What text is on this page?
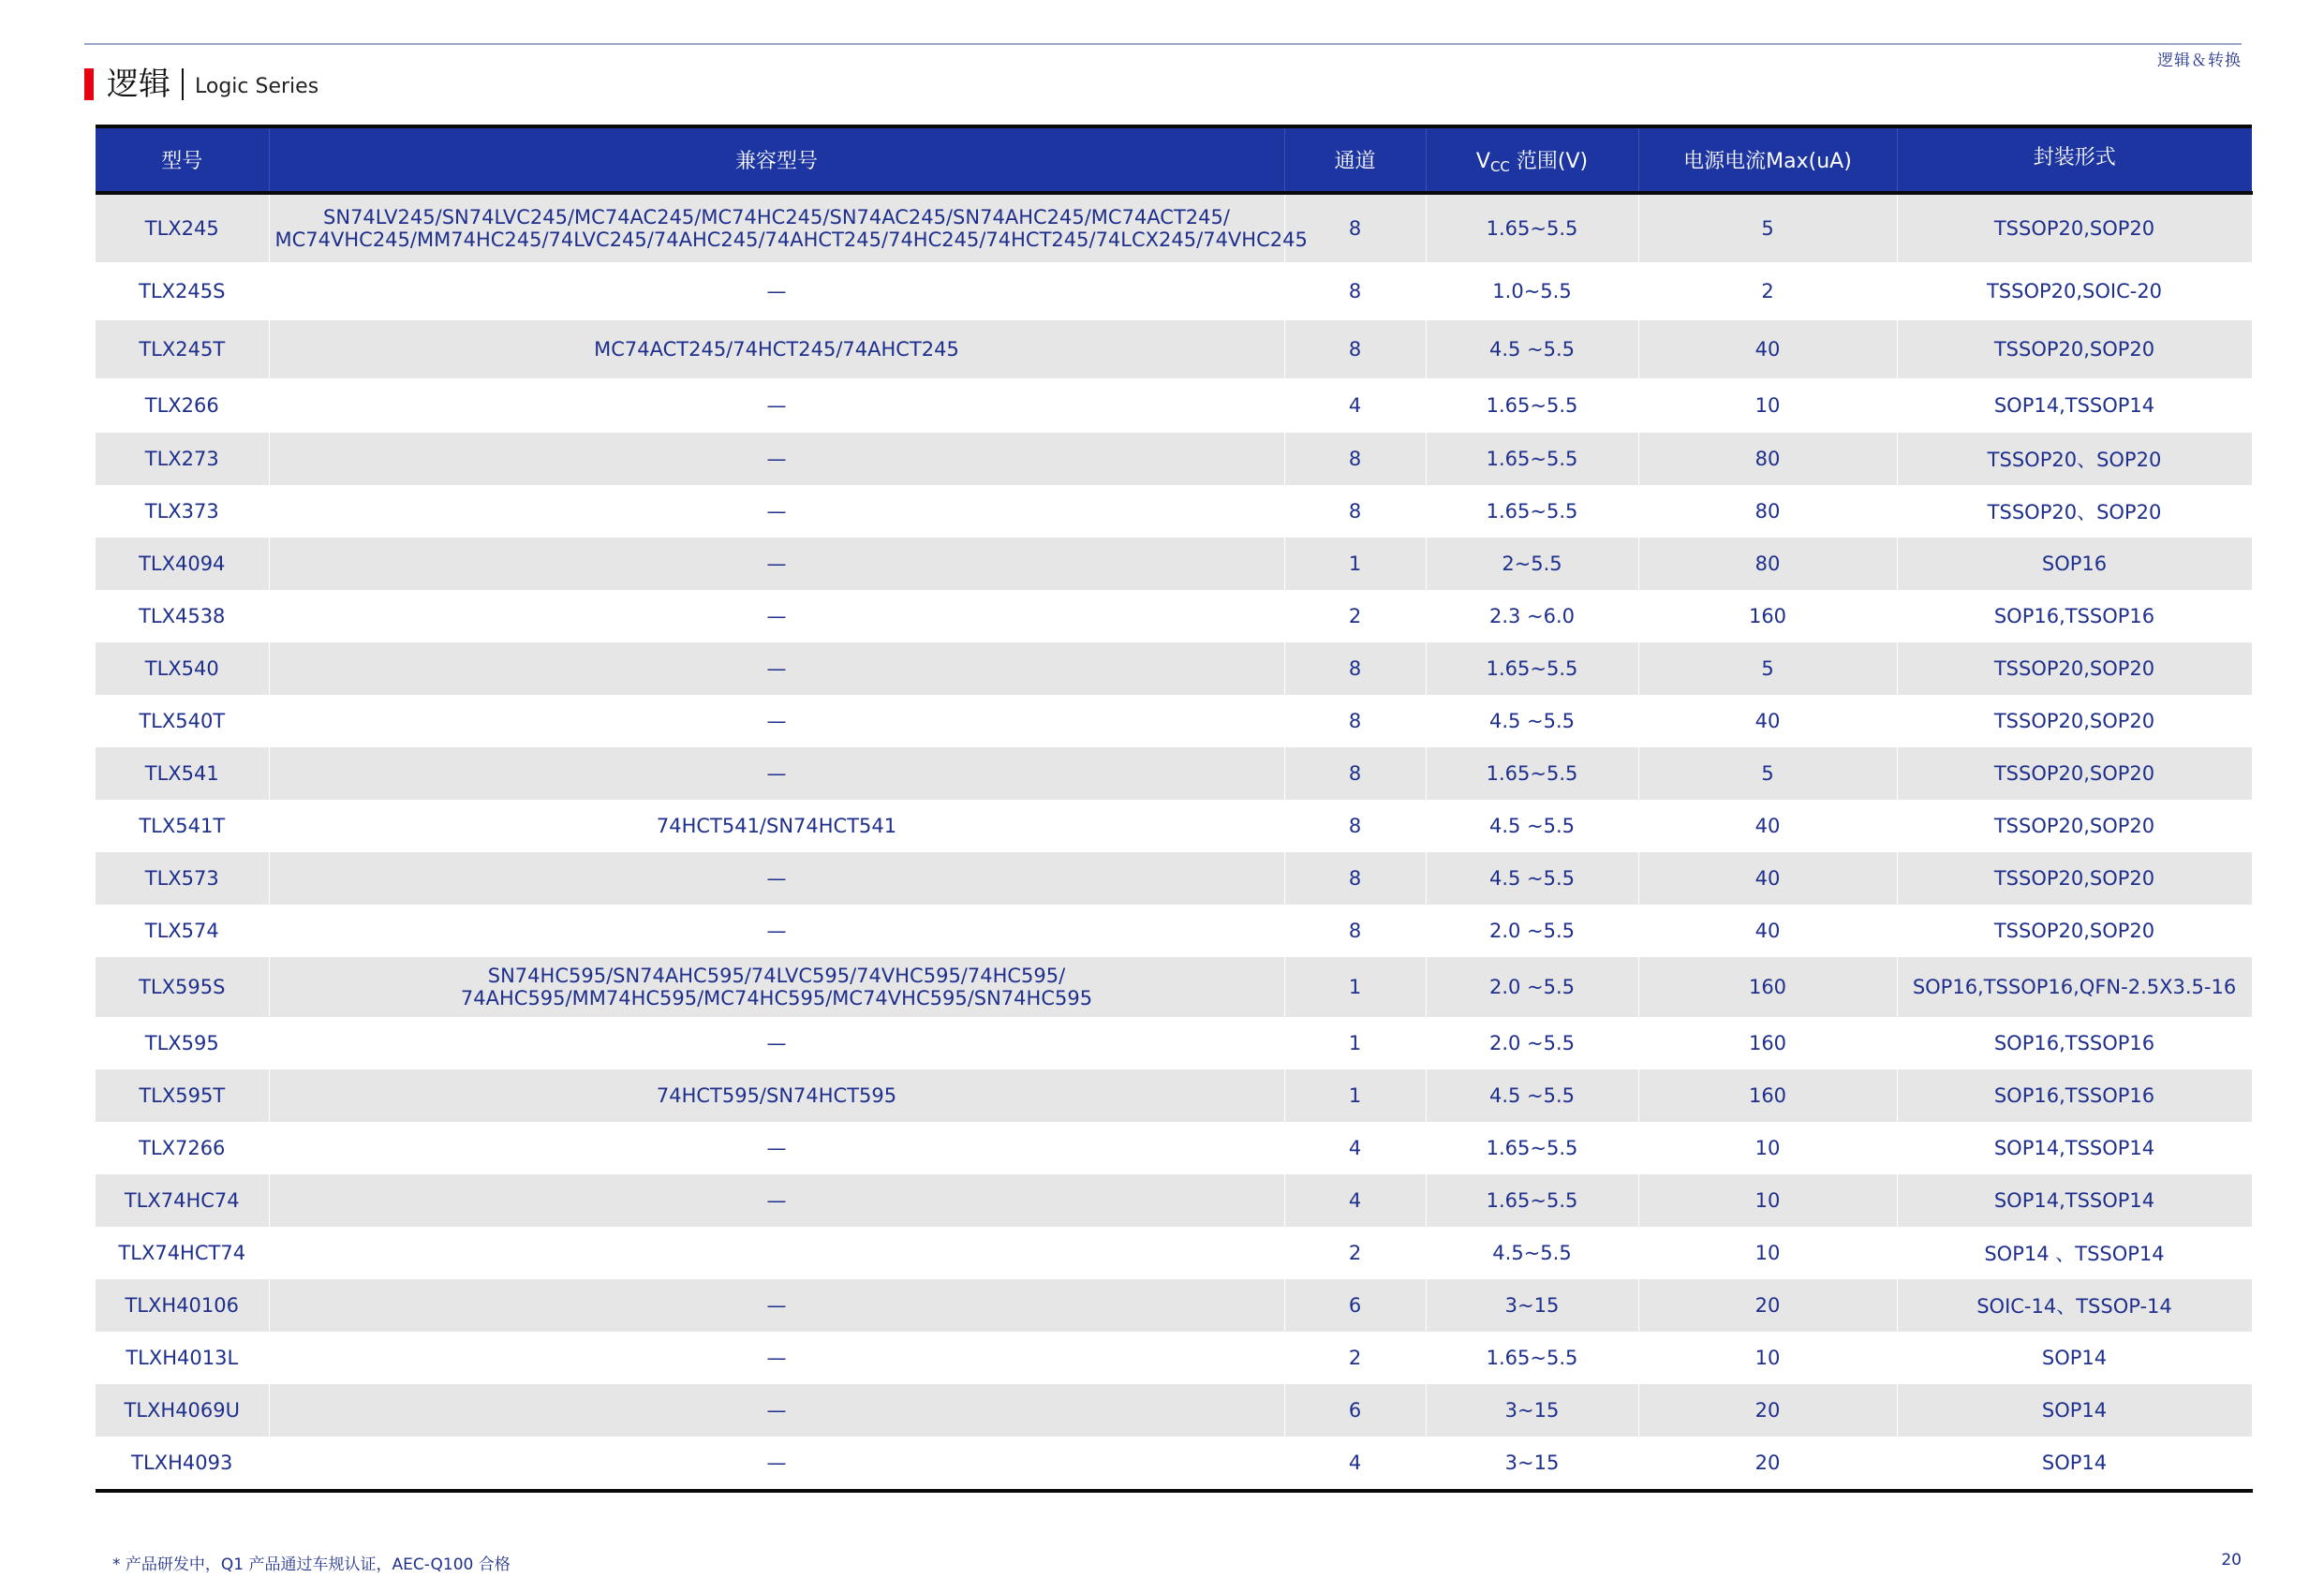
逻辑＆转换
逻辑 Logic Series
型号	兼容型号	通道	$V_{CC}$ 范围(V)	电源电流Max(uA)	封装形式
TLX245	SN74LV245/SN74LVC245/MC74AC245/MC74HC245/SN74AC245/SN74AHC245/MC74ACT245/
MC74VHC245/MM74HC245/74LVC245/74AHC245/74AHCT245/74HC245/74HCT245/74LCX245/74VHC245	8	1.65~5.5	5	TSSOP20,SOP20
TLX245S	—	8	1.0~5.5	2	TSSOP20,SOIC-20
TLX245T	MC74ACT245/74HCT245/74AHCT245	8	4.5 ~5.5	40	TSSOP20,SOP20
TLX266	—	4	1.65~5.5	10	SOP14,TSSOP14
TLX273	—	8	1.65~5.5	80	TSSOP20、SOP20
TLX373	—	8	1.65~5.5	80	TSSOP20、SOP20
TLX4094	—	1	2~5.5	80	SOP16
TLX4538	—	2	2.3 ~6.0	160	SOP16,TSSOP16
TLX540	—	8	1.65~5.5	5	TSSOP20,SOP20
TLX540T	—	8	4.5 ~5.5	40	TSSOP20,SOP20
TLX541	—	8	1.65~5.5	5	TSSOP20,SOP20
TLX541T	74HCT541/SN74HCT541	8	4.5 ~5.5	40	TSSOP20,SOP20
TLX573	—	8	4.5 ~5.5	40	TSSOP20,SOP20
TLX574	—	8	2.0 ~5.5	40	TSSOP20,SOP20
TLX595S	SN74HC595/SN74AHC595/74LVC595/74VHC595/74HC595/
74AHC595/MM74HC595/MC74HC595/MC74VHC595/SN74HC595	1	2.0 ~5.5	160	SOP16,TSSOP16,QFN-2.5X3.5-16
TLX595	—	1	2.0 ~5.5	160	SOP16,TSSOP16
TLX595T	74HCT595/SN74HCT595	1	4.5 ~5.5	160	SOP16,TSSOP16
TLX7266	—	4	1.65~5.5	10	SOP14,TSSOP14
TLX74HC74	—	4	1.65~5.5	10	SOP14,TSSOP14
TLX74HCT74		2	4.5~5.5	10	SOP14 、TSSOP14
TLXH40106	—	6	3~15	20	SOIC-14、TSSOP-14
TLXH4013L	—	2	1.65~5.5	10	SOP14
TLXH4069U	—	6	3~15	20	SOP14
TLXH4093	—	4	3~15	20	SOP14
* 产品研发中，Q1 产品通过车规认证，AEC-Q100 合格	20
